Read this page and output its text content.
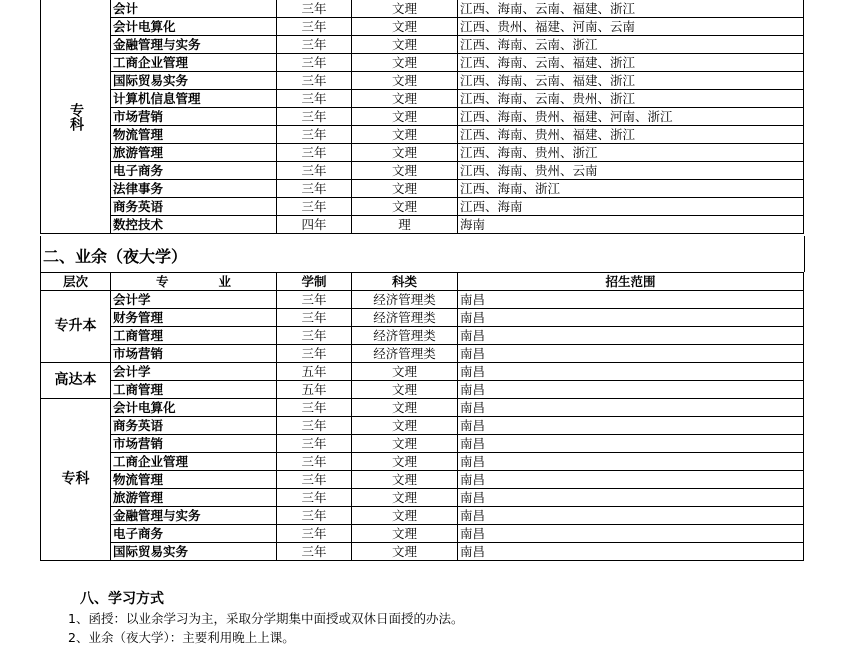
专科	会计	三年	文理	江西、海南、云南、福建、浙江
	会计电算化	三年	文理	江西、贵州、福建、河南、云南
	金融管理与实务	三年	文理	江西、海南、云南、浙江
	工商企业管理	三年	文理	江西、海南、云南、福建、浙江
	国际贸易实务	三年	文理	江西、海南、云南、福建、浙江
	计算机信息管理	三年	文理	江西、海南、云南、贵州、浙江
	市场营销	三年	文理	江西、海南、贵州、福建、河南、浙江
	物流管理	三年	文理	江西、海南、贵州、福建、浙江
	旅游管理	三年	文理	江西、海南、贵州、浙江
	电子商务	三年	文理	江西、海南、贵州、云南
	法律事务	三年	文理	江西、海南、浙江
	商务英语	三年	文理	江西、海南
	数控技术	四年	理	海南
二、业余（夜大学）
层次	专　　　　业	学制	科类	招生范围
专升本	会计学	三年	经济管理类	南昌
	财务管理	三年	经济管理类	南昌
	工商管理	三年	经济管理类	南昌
	市场营销	三年	经济管理类	南昌
高达本	会计学	五年	文理	南昌
	工商管理	五年	文理	南昌
专科	会计电算化	三年	文理	南昌
	商务英语	三年	文理	南昌
	市场营销	三年	文理	南昌
	工商企业管理	三年	文理	南昌
	物流管理	三年	文理	南昌
	旅游管理	三年	文理	南昌
	金融管理与实务	三年	文理	南昌
	电子商务	三年	文理	南昌
	国际贸易实务	三年	文理	南昌
八、学习方式
1、函授：以业余学习为主，采取分学期集中面授或双休日面授的办法。
2、业余（夜大学）：主要利用晚上上课。
